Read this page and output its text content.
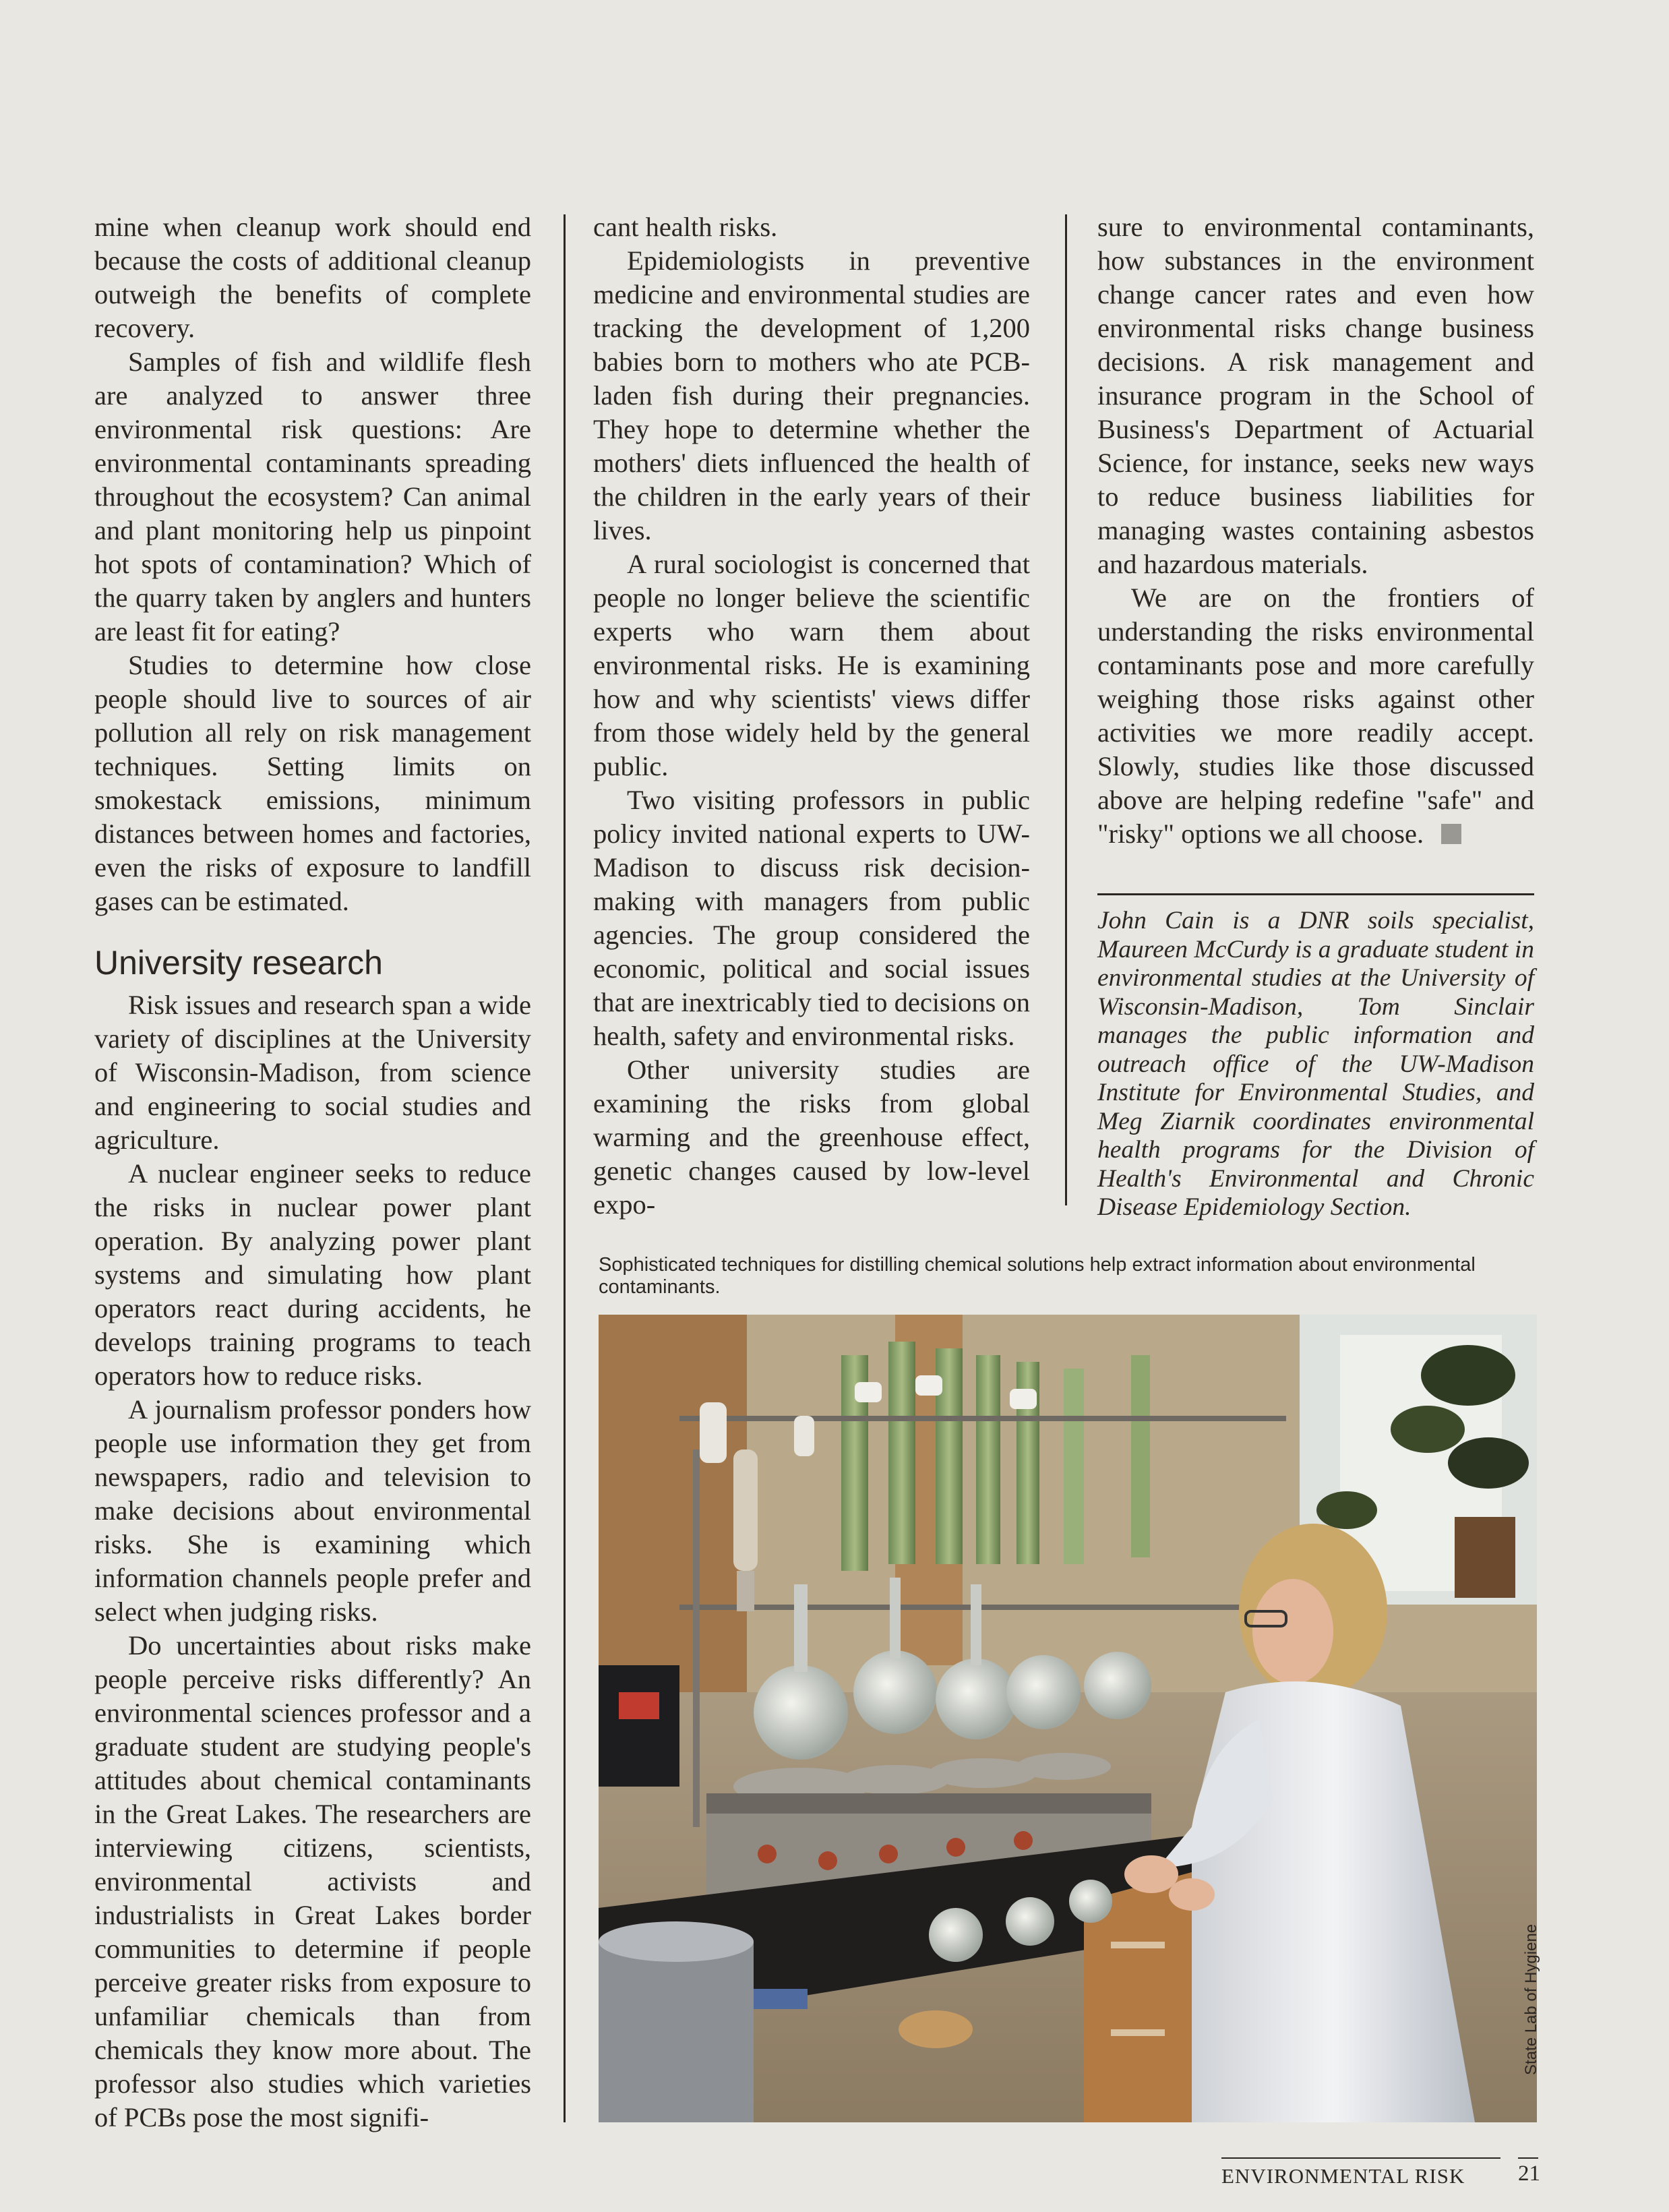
mine when cleanup work should end because the costs of additional cleanup outweigh the benefits of complete recovery.

Samples of fish and wildlife flesh are analyzed to answer three environmental risk questions: Are environmental contaminants spreading throughout the ecosystem? Can animal and plant monitoring help us pinpoint hot spots of contamination? Which of the quarry taken by anglers and hunters are least fit for eating?

Studies to determine how close people should live to sources of air pollution all rely on risk management techniques. Setting limits on smokestack emissions, minimum distances between homes and factories, even the risks of exposure to landfill gases can be estimated.

University research

Risk issues and research span a wide variety of disciplines at the University of Wisconsin-Madison, from science and engineering to social studies and agriculture.

A nuclear engineer seeks to reduce the risks in nuclear power plant operation. By analyzing power plant systems and simulating how plant operators react during accidents, he develops training programs to teach operators how to reduce risks.

A journalism professor ponders how people use information they get from newspapers, radio and television to make decisions about environmental risks. She is examining which information channels people prefer and select when judging risks.

Do uncertainties about risks make people perceive risks differently? An environmental sciences professor and a graduate student are studying people's attitudes about chemical contaminants in the Great Lakes. The researchers are interviewing citizens, scientists, environmental activists and industrialists in Great Lakes border communities to determine if people perceive greater risks from exposure to unfamiliar chemicals than from chemicals they know more about. The professor also studies which varieties of PCBs pose the most signifi-

cant health risks.

Epidemiologists in preventive medicine and environmental studies are tracking the development of 1,200 babies born to mothers who ate PCB-laden fish during their pregnancies. They hope to determine whether the mothers' diets influenced the health of the children in the early years of their lives.

A rural sociologist is concerned that people no longer believe the scientific experts who warn them about environmental risks. He is examining how and why scientists' views differ from those widely held by the general public.

Two visiting professors in public policy invited national experts to UW-Madison to discuss risk decision-making with managers from public agencies. The group considered the economic, political and social issues that are inextricably tied to decisions on health, safety and environmental risks.

Other university studies are examining the risks from global warming and the greenhouse effect, genetic changes caused by low-level expo-

sure to environmental contaminants, how substances in the environment change cancer rates and even how environmental risks change business decisions. A risk management and insurance program in the School of Business's Department of Actuarial Science, for instance, seeks new ways to reduce business liabilities for managing wastes containing asbestos and hazardous materials.

We are on the frontiers of understanding the risks environmental contaminants pose and more carefully weighing those risks against other activities we more readily accept. Slowly, studies like those discussed above are helping redefine "safe" and "risky" options we all choose.

John Cain is a DNR soils specialist, Maureen McCurdy is a graduate student in environmental studies at the University of Wisconsin-Madison, Tom Sinclair manages the public information and outreach office of the UW-Madison Institute for Environmental Studies, and Meg Ziarnik coordinates environmental health programs for the Division of Health's Environmental and Chronic Disease Epidemiology Section.
Sophisticated techniques for distilling chemical solutions help extract information about environmental contaminants.
State Lab of Hygiene
ENVIRONMENTAL RISK 21
